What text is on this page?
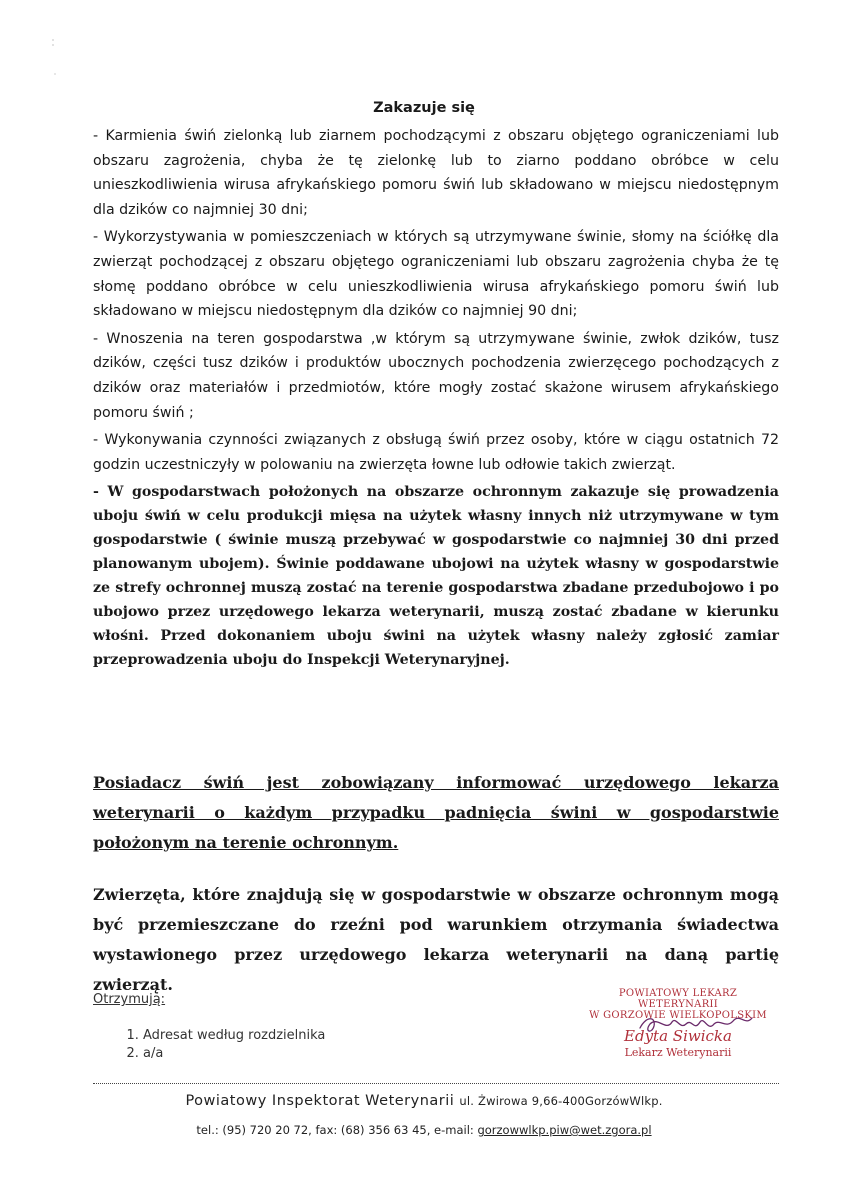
Zakazuje się

- Karmienia świń zielonką lub ziarnem pochodzącymi z obszaru objętego ograniczeniami lub obszaru zagrożenia, chyba że tę zielonkę lub to ziarno poddano obróbce w celu unieszkodliwienia wirusa afrykańskiego pomoru świń lub składowano w miejscu niedostępnym dla dzików co najmniej 30 dni;

- Wykorzystywania w pomieszczeniach w których są utrzymywane świnie, słomy na ściółkę dla zwierząt pochodzącej z obszaru objętego ograniczeniami lub obszaru zagrożenia chyba że tę słomę poddano obróbce w celu unieszkodliwienia wirusa afrykańskiego pomoru świń lub składowano w miejscu niedostępnym dla dzików co najmniej 90 dni;

- Wnoszenia na teren gospodarstwa ,w którym są utrzymywane świnie, zwłok dzików, tusz dzików, części tusz dzików i produktów ubocznych pochodzenia zwierzęcego pochodzących z dzików oraz materiałów i przedmiotów, które mogły zostać skażone wirusem afrykańskiego pomoru świń ;

- Wykonywania czynności związanych z obsługą świń przez osoby, które w ciągu ostatnich 72 godzin uczestniczyły w polowaniu na zwierzęta łowne lub odłowie takich zwierząt.

- W gospodarstwach położonych na obszarze ochronnym zakazuje się prowadzenia uboju świń w celu produkcji mięsa na użytek własny innych niż utrzymywane w tym gospodarstwie ( świnie muszą przebywać w gospodarstwie co najmniej 30 dni przed planowanym ubojem). Świnie poddawane ubojowi na użytek własny w gospodarstwie ze strefy ochronnej muszą zostać na terenie gospodarstwa zbadane przedubojowo i po ubojowo przez urzędowego lekarza weterynarii, muszą zostać zbadane w kierunku włośni. Przed dokonaniem uboju świni na użytek własny należy zgłosić zamiar przeprowadzenia uboju do Inspekcji Weterynaryjnej.

Posiadacz świń jest zobowiązany informować urzędowego lekarza weterynarii o każdym przypadku padnięcia świni w gospodarstwie położonym na terenie ochronnym.
Zwierzęta, które znajdują się w gospodarstwie w obszarze ochronnym mogą być przemieszczane do rzeźni pod warunkiem otrzymania świadectwa wystawionego przez urzędowego lekarza weterynarii na daną partię zwierząt.
Otrzymują:
1. Adresat według rozdzielnika
2. a/a
POWIATOWY LEKARZ WETERYNARII
W GORZOWIE WIELKOPOLSKIM
Edyta Siwicka
Lekarz Weterynarii
Powiatowy Inspektorat Weterynarii ul. Żwirowa 9,66-400GorzówWlkp.
tel.: (95) 720 20 72, fax: (68) 356 63 45, e-mail: gorzowwlkp.piw@wet.zgora.pl
